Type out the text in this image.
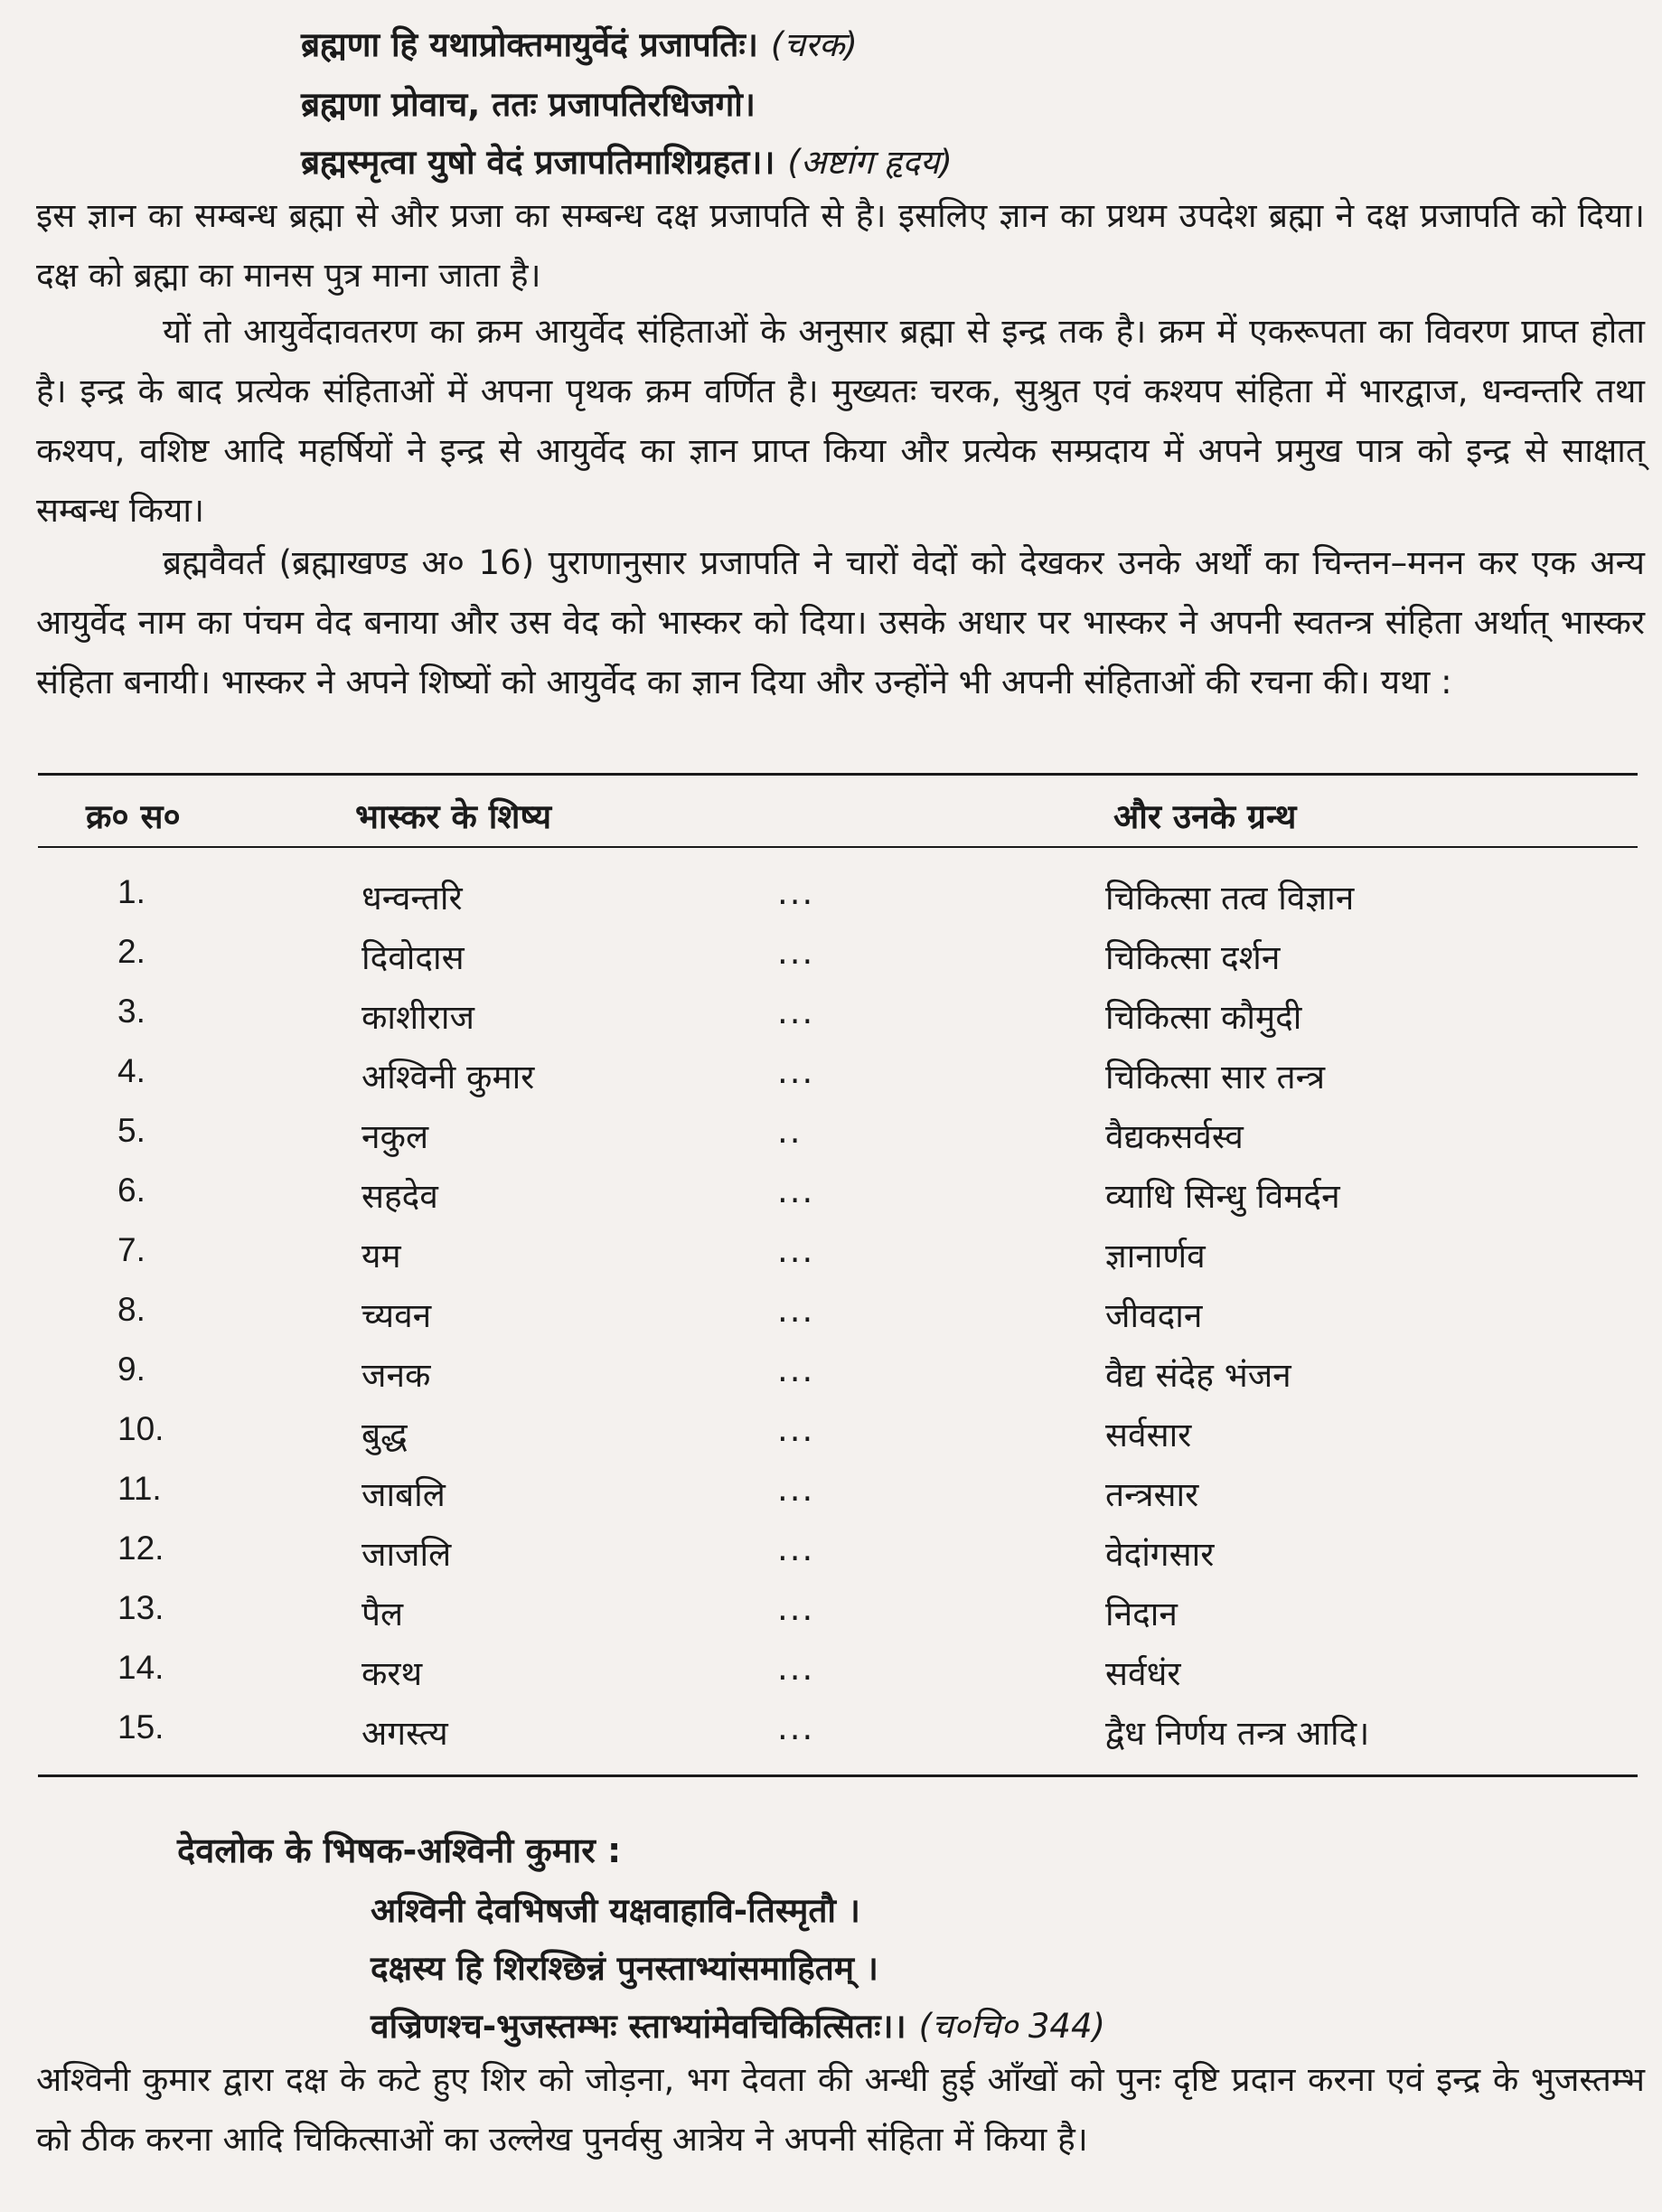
ब्रह्मणा हि यथाप्रोक्तमायुर्वेदं प्रजापतिः। (चरक)
ब्रह्मणा प्रोवाच, ततः प्रजापतिरधिजगो।
ब्रह्मस्मृत्वा युषो वेदं प्रजापतिमाशिग्रहत।। (अष्टांग हृदय)
इस ज्ञान का सम्बन्ध ब्रह्मा से और प्रजा का सम्बन्ध दक्ष प्रजापति से है। इसलिए ज्ञान का प्रथम उपदेश ब्रह्मा ने दक्ष प्रजापति को दिया। दक्ष को ब्रह्मा का मानस पुत्र माना जाता है।
यों तो आयुर्वेदावतरण का क्रम आयुर्वेद संहिताओं के अनुसार ब्रह्मा से इन्द्र तक है। क्रम में एकरूपता का विवरण प्राप्त होता है। इन्द्र के बाद प्रत्येक संहिताओं में अपना पृथक क्रम वर्णित है। मुख्यतः चरक, सुश्रुत एवं कश्यप संहिता में भारद्वाज, धन्वन्तरि तथा कश्यप, वशिष्ट आदि महर्षियों ने इन्द्र से आयुर्वेद का ज्ञान प्राप्त किया और प्रत्येक सम्प्रदाय में अपने प्रमुख पात्र को इन्द्र से साक्षात् सम्बन्ध किया।
ब्रह्मवैवर्त (ब्रह्माखण्ड अ० 16) पुराणानुसार प्रजापति ने चारों वेदों को देखकर उनके अर्थों का चिन्तन–मनन कर एक अन्य आयुर्वेद नाम का पंचम वेद बनाया और उस वेद को भास्कर को दिया। उसके अधार पर भास्कर ने अपनी स्वतन्त्र संहिता अर्थात् भास्कर संहिता बनायी। भास्कर ने अपने शिष्यों को आयुर्वेद का ज्ञान दिया और उन्होंने भी अपनी संहिताओं की रचना की। यथा :
क्र० स०	भास्कर के शिष्य	और उनके ग्रन्थ
1.	धन्वन्तरि	...	चिकित्सा तत्व विज्ञान
2.	दिवोदास	...	चिकित्सा दर्शन
3.	काशीराज	...	चिकित्सा कौमुदी
4.	अश्विनी कुमार	...	चिकित्सा सार तन्त्र
5.	नकुल	..	वैद्यकसर्वस्व
6.	सहदेव	...	व्याधि सिन्धु विमर्दन
7.	यम	...	ज्ञानार्णव
8.	च्यवन	...	जीवदान
9.	जनक	...	वैद्य संदेह भंजन
10.	बुद्ध	...	सर्वसार
11.	जाबलि	...	तन्त्रसार
12.	जाजलि	...	वेदांगसार
13.	पैल	...	निदान
14.	करथ	...	सर्वधंर
15.	अगस्त्य	...	द्वैध निर्णय तन्त्र आदि।
देवलोक के भिषक-अश्विनी कुमार :
अश्विनी देवभिषजी यक्षवाहावि-तिस्मृतौ ।
दक्षस्य हि शिरश्छिन्नं पुनस्ताभ्यांसमाहितम् ।
वज्रिणश्च-भुजस्तम्भः स्ताभ्यांमेवचिकित्सितः।। (च०चि० 344)
अश्विनी कुमार द्वारा दक्ष के कटे हुए शिर को जोड़ना, भग देवता की अन्धी हुई आँखों को पुनः दृष्टि प्रदान करना एवं इन्द्र के भुजस्तम्भ को ठीक करना आदि चिकित्साओं का उल्लेख पुनर्वसु आत्रेय ने अपनी संहिता में किया है।
